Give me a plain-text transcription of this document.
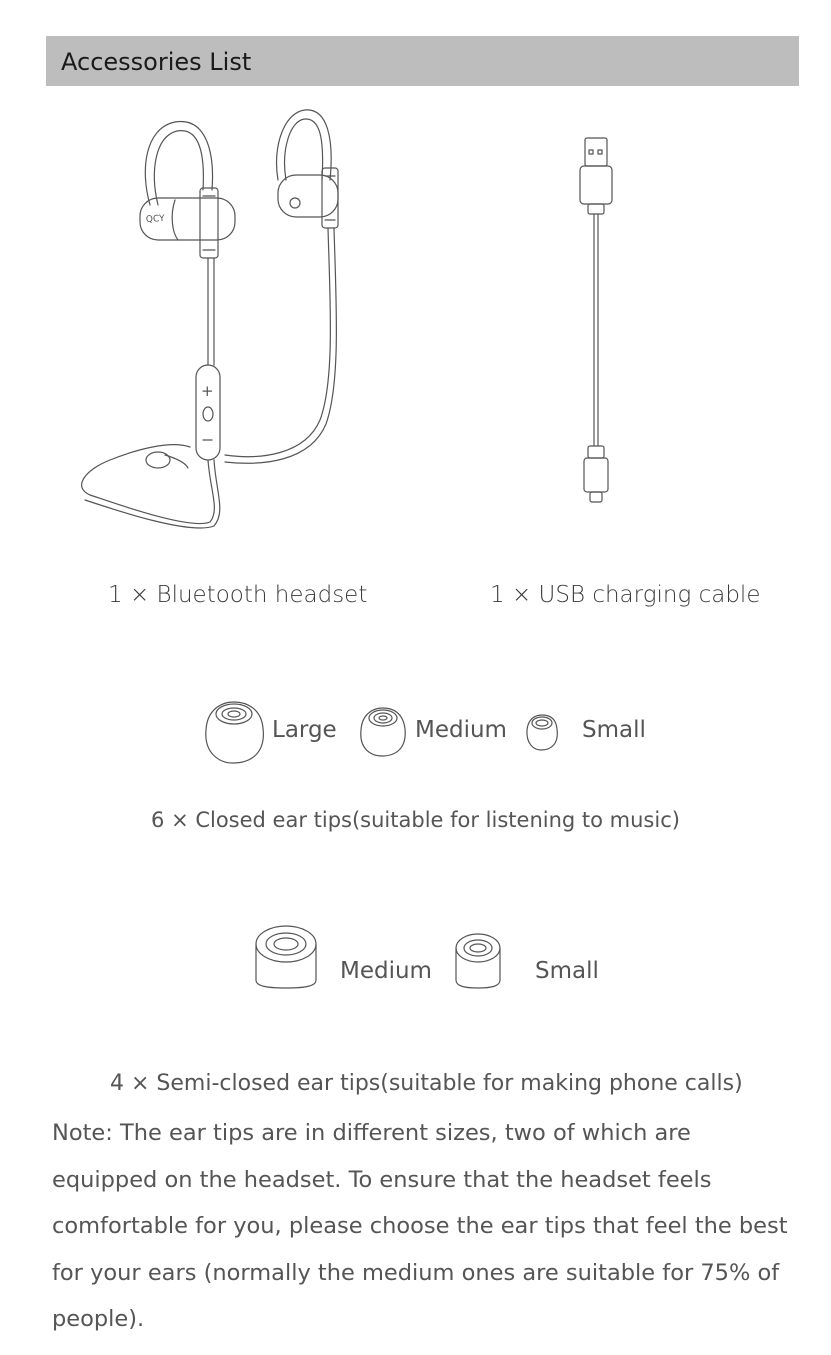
Accessories List
QCY
+
1 × Bluetooth headset	1 × USB charging cable
Large	Medium	Small
6 × Closed ear tips(suitable for listening to music)
Medium	Small
4 × Semi-closed ear tips(suitable for making phone calls)
Note: The ear tips are in different sizes, two of which are equipped on the headset. To ensure that the headset feels comfortable for you, please choose the ear tips that feel the best for your ears (normally the medium ones are suitable for 75% of people).
